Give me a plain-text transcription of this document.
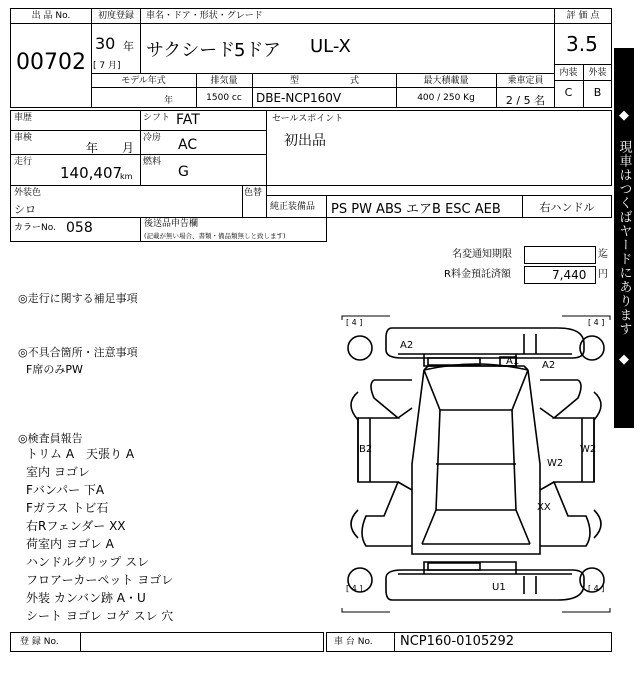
出 品 No.
00702
初度登録
30 年
[ 7 月]
車名・ドア・形状・グレード
サクシード
5ドア UL-X
評 価 点
3.5
内装	外装
C	B
モデル年式
年
排気量
1500 cc
型	式
DBE-NCP160V
最大積載量
400 / 250 Kg
乗車定員
2 / 5 名
車歴
車検
年 月
走行
140,407
km
シフト FAT
冷房 AC
燃料
G
セールスポイント
初出品
外装色
シロ
色替
純正装備品 PS PW ABS エアB ESC AEB	右ハンドル
カラーNo. 058	後送品申告欄
(記載が無い場合、書類・備品類無しと致します)
名変通知期限	迄
R料金預託済額	7,440 円
◎走行に関する補足事項
◎不具合箇所・注意事項
F席のみPW
◎検査員報告
トリム A　天張り A
室内 ヨゴレ
Fバンパー 下A
Fガラス トビ石
右Rフェンダー XX
荷室内 ヨゴレ A
ハンドルグリップ スレ
フロアーカーペット ヨゴレ
外装 カンバン跡 A・U
シート ヨゴレ コゲ スレ 穴
[ 4 ]	[ 4 ]
[ 4 ]	[ 4 ]
A2
A1 A2
B2	W2
W2
XX
U1
登 録 No.	車 台 No. NCP160-0105292
◆ 現車はつくばヤードにあります ◆
